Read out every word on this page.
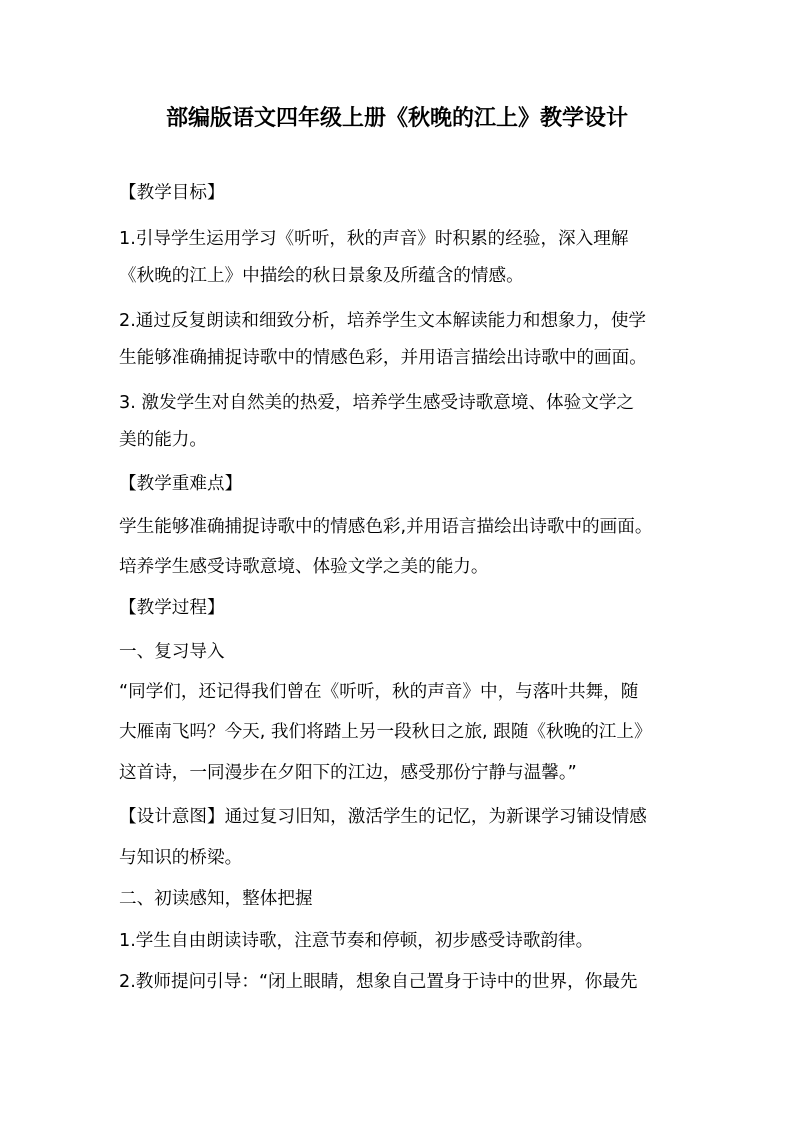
部编版语文四年级上册《秋晚的江上》教学设计
【教学目标】
1.引导学生运用学习《听听，秋的声音》时积累的经验，深入理解
《秋晚的江上》中描绘的秋日景象及所蕴含的情感。
2.通过反复朗读和细致分析，培养学生文本解读能力和想象力，使学
生能够准确捕捉诗歌中的情感色彩，并用语言描绘出诗歌中的画面。
3. 激发学生对自然美的热爱，培养学生感受诗歌意境、体验文学之
美的能力。
【教学重难点】
学生能够准确捕捉诗歌中的情感色彩,并用语言描绘出诗歌中的画面。
培养学生感受诗歌意境、体验文学之美的能力。
【教学过程】
一、复习导入
“同学们，还记得我们曾在《听听，秋的声音》中，与落叶共舞，随
大雁南飞吗？今天, 我们将踏上另一段秋日之旅, 跟随《秋晚的江上》
这首诗，一同漫步在夕阳下的江边，感受那份宁静与温馨。”
【设计意图】通过复习旧知，激活学生的记忆，为新课学习铺设情感
与知识的桥梁。
二、初读感知，整体把握
1.学生自由朗读诗歌，注意节奏和停顿，初步感受诗歌韵律。
2.教师提问引导：“闭上眼睛，想象自己置身于诗中的世界，你最先
